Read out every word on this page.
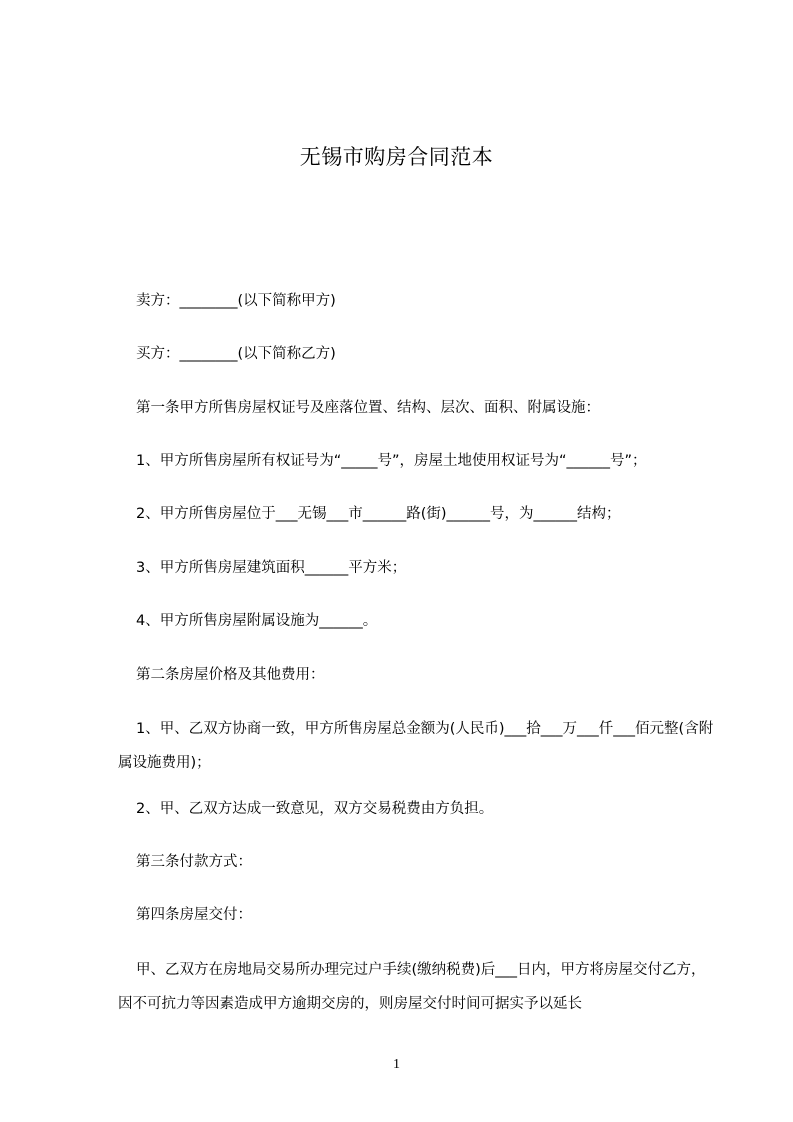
无锡市购房合同范本
卖方：________(以下简称甲方)
买方：________(以下简称乙方)
第一条甲方所售房屋权证号及座落位置、结构、层次、面积、附属设施：
1、甲方所售房屋所有权证号为“_____号”，房屋土地使用权证号为“______号”；
2、甲方所售房屋位于___无锡___市______路(街)______号，为______结构；
3、甲方所售房屋建筑面积______平方米；
4、甲方所售房屋附属设施为______。
第二条房屋价格及其他费用：
1、甲、乙双方协商一致，甲方所售房屋总金额为(人民币)___拾___万___仟___佰元整(含附属设施费用)；
2、甲、乙双方达成一致意见，双方交易税费由方负担。
第三条付款方式：
第四条房屋交付：
甲、乙双方在房地局交易所办理完过户手续(缴纳税费)后___日内，甲方将房屋交付乙方，因不可抗力等因素造成甲方逾期交房的，则房屋交付时间可据实予以延长
1
